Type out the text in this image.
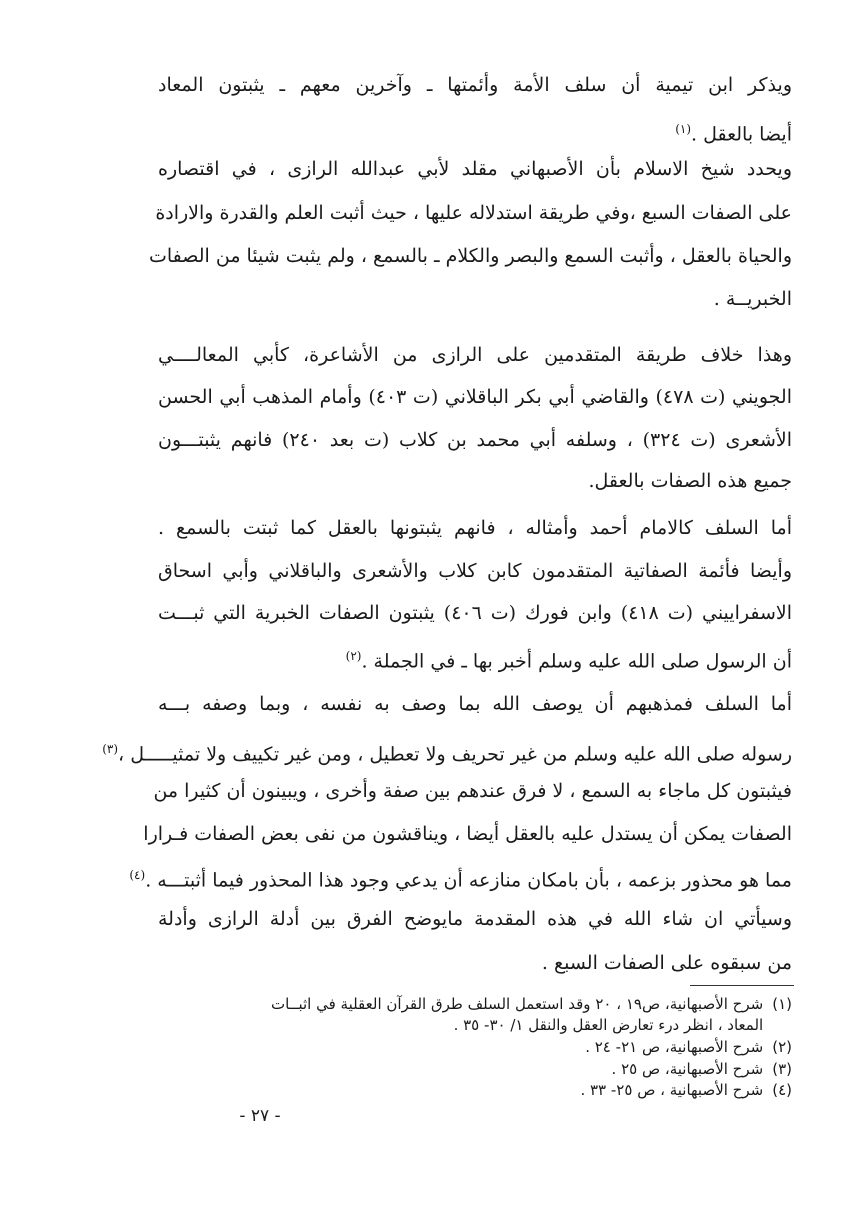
ويذكر ابن تيمية أن سلف الأمة وأئمتها ـ وآخرين معهم ـ يثبتون المعاد
أيضا بالعقل .$^{(١)}$
ويحدد شيخ الاسلام بأن الأصبهاني مقلد لأبي عبدالله الرازى ، في اقتصاره
على الصفات السبع ،وفي طريقة استدلاله عليها ، حيث أثبت العلم والقدرة والارادة
والحياة بالعقل ، وأثبت السمع والبصر والكلام ـ بالسمع ، ولم يثبت شيئا من الصفات
الخبريــة .
وهذا خلاف طريقة المتقدمين على الرازى من الأشاعرة، كأبي المعالــــي
الجويني (ت ٤٧٨) والقاضي أبي بكر الباقلاني (ت ٤٠٣) وأمام المذهب أبي الحسن
الأشعرى (ت ٣٢٤) ، وسلفه أبي محمد بن كلاب (ت بعد ٢٤٠) فانهم يثبتـــون
جميع هذه الصفات بالعقل.
أما السلف كالامام أحمد وأمثاله ، فانهم يثبتونها بالعقل كما ثبتت بالسمع .
وأيضا فأئمة الصفاتية المتقدمون كابن كلاب والأشعرى والباقلاني وأبي اسحاق
الاسفراييني (ت ٤١٨) وابن فورك (ت ٤٠٦) يثبتون الصفات الخبرية التي ثبـــت
أن الرسول صلى الله عليه وسلم أخبر بها ـ في الجملة .$^{(٢)}$
أما السلف فمذهبهم أن يوصف الله بما وصف به نفسه ، وبما وصفه بـــه
رسوله صلى الله عليه وسلم من غير تحريف ولا تعطيل ، ومن غير تكييف ولا تمثيـــــل ،$^{(٣)}$
فيثبتون كل ماجاء به السمع ، لا فرق عندهم بين صفة وأخرى ، ويبينون أن كثيرا من
الصفات يمكن أن يستدل عليه بالعقل أيضا ، ويناقشون من نفى بعض الصفات فـرارا
مما هو محذور بزعمه ، بأن بامكان منازعه أن يدعي وجود هذا المحذور فيما أثبتـــه .$^{(٤)}$
وسيأتي ان شاء الله في هذه المقدمة مايوضح الفرق بين أدلة الرازى وأدلة
من سبقوه على الصفات السبع .
(١) شرح الأصبهانية، ص١٩ ، ٢٠ وقد استعمل السلف طرق القرآن العقلية في اثبــات
المعاد ، انظر درء تعارض العقل والنقل ١/ ٣٠- ٣٥ .
(٢) شرح الأصبهانية، ص ٢١- ٢٤ .
(٣) شرح الأصبهانية، ص ٢٥ .
(٤) شرح الأصبهانية ، ص ٢٥- ٣٣ .
- ٢٧ -
